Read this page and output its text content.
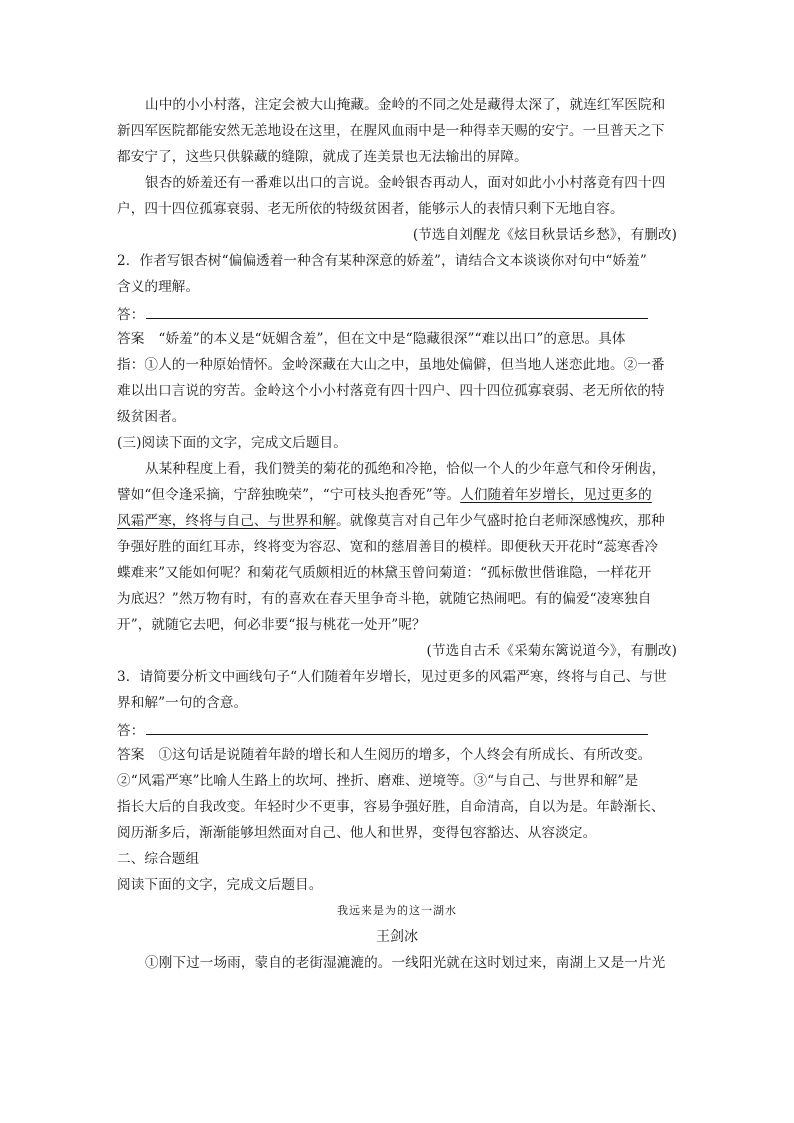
山中的小小村落，注定会被大山掩藏。金岭的不同之处是藏得太深了，就连红军医院和
新四军医院都能安然无恙地设在这里，在腥风血雨中是一种得幸天赐的安宁。一旦普天之下
都安宁了，这些只供躲藏的缝隙，就成了连美景也无法输出的屏障。
银杏的娇羞还有一番难以出口的言说。金岭银杏再动人，面对如此小小村落竟有四十四
户，四十四位孤寡衰弱、老无所依的特级贫困者，能够示人的表情只剩下无地自容。
(节选自刘醒龙《炫目秋景话乡愁》，有删改)
2．作者写银杏树“偏偏透着一种含有某种深意的娇羞”，请结合文本谈谈你对句中“娇羞”
含义的理解。
答：
答案 “娇羞”的本义是“妩媚含羞”，但在文中是“隐藏很深”“难以出口”的意思。具体
指：①人的一种原始情怀。金岭深藏在大山之中，虽地处偏僻，但当地人迷恋此地。②一番
难以出口言说的穷苦。金岭这个小小村落竟有四十四户、四十四位孤寡衰弱、老无所依的特
级贫困者。
(三)阅读下面的文字，完成文后题目。
从某种程度上看，我们赞美的菊花的孤绝和冷艳，恰似一个人的少年意气和伶牙俐齿，
譬如“但令逢采摘，宁辞独晚荣”，“宁可枝头抱香死”等。人们随着年岁增长，见过更多的
风霜严寒，终将与自己、与世界和解。就像莫言对自己年少气盛时抢白老师深感愧疚，那种
争强好胜的面红耳赤，终将变为容忍、宽和的慈眉善目的模样。即便秋天开花时“蕊寒香冷
蝶难来”又能如何呢？和菊花气质颇相近的林黛玉曾问菊道：“孤标傲世偕谁隐，一样花开
为底迟？”然万物有时，有的喜欢在春天里争奇斗艳，就随它热闹吧。有的偏爱“凌寒独自
开”，就随它去吧，何必非要“报与桃花一处开”呢？
(节选自古禾《采菊东篱说道今》，有删改)
3．请简要分析文中画线句子“人们随着年岁增长，见过更多的风霜严寒，终将与自己、与世
界和解”一句的含意。
答：
答案 ①这句话是说随着年龄的增长和人生阅历的增多，个人终会有所成长、有所改变。
②“风霜严寒”比喻人生路上的坎坷、挫折、磨难、逆境等。③“与自己、与世界和解”是
指长大后的自我改变。年轻时少不更事，容易争强好胜，自命清高，自以为是。年龄渐长、
阅历渐多后，渐渐能够坦然面对自己、他人和世界，变得包容豁达、从容淡定。
二、综合题组
阅读下面的文字，完成文后题目。
我远来是为的这一湖水
王剑冰
①刚下过一场雨，蒙自的老街湿漉漉的。一线阳光就在这时划过来，南湖上又是一片光
